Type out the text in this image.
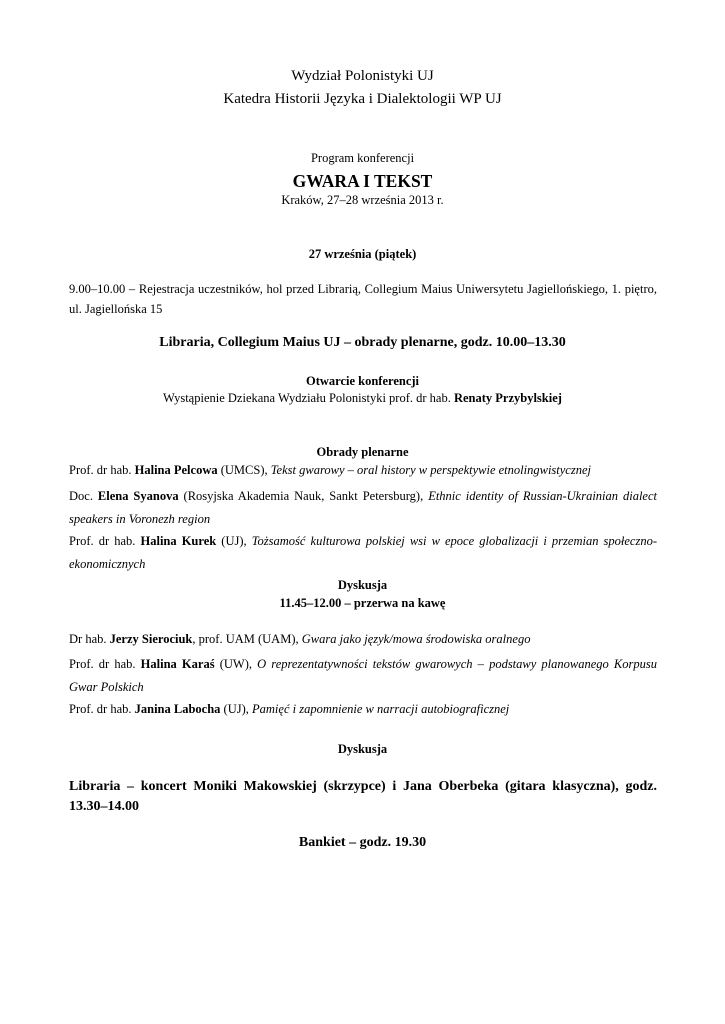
Wydział Polonistyki UJ
Katedra Historii Języka i Dialektologii WP UJ
Program konferencji
GWARA I TEKST
Kraków, 27–28 września 2013 r.
27 września (piątek)
9.00–10.00 – Rejestracja uczestników, hol przed Librarią, Collegium Maius Uniwersytetu Jagiellońskiego, 1. piętro, ul. Jagiellońska 15
Libraria, Collegium Maius UJ – obrady plenarne, godz. 10.00–13.30
Otwarcie konferencji
Wystąpienie Dziekana Wydziału Polonistyki prof. dr hab. Renaty Przybylskiej
Obrady plenarne
Prof. dr hab. Halina Pelcowa (UMCS), Tekst gwarowy – oral history w perspektywie etnolingwistycznej
Doc. Elena Syanova (Rosyjska Akademia Nauk, Sankt Petersburg), Ethnic identity of Russian-Ukrainian dialect speakers in Voronezh region
Prof. dr hab. Halina Kurek (UJ), Tożsamość kulturowa polskiej wsi w epoce globalizacji i przemian społeczno-ekonomicznych
Dyskusja
11.45–12.00 – przerwa na kawę
Dr hab. Jerzy Sierociuk, prof. UAM (UAM), Gwara jako język/mowa środowiska oralnego
Prof. dr hab. Halina Karaś (UW), O reprezentatywności tekstów gwarowych – podstawy planowanego Korpusu Gwar Polskich
Prof. dr hab. Janina Labocha (UJ), Pamięć i zapomnienie w narracji autobiograficznej
Dyskusja
Libraria – koncert Moniki Makowskiej (skrzypce) i Jana Oberbeka (gitara klasyczna), godz. 13.30–14.00
Bankiet – godz. 19.30
